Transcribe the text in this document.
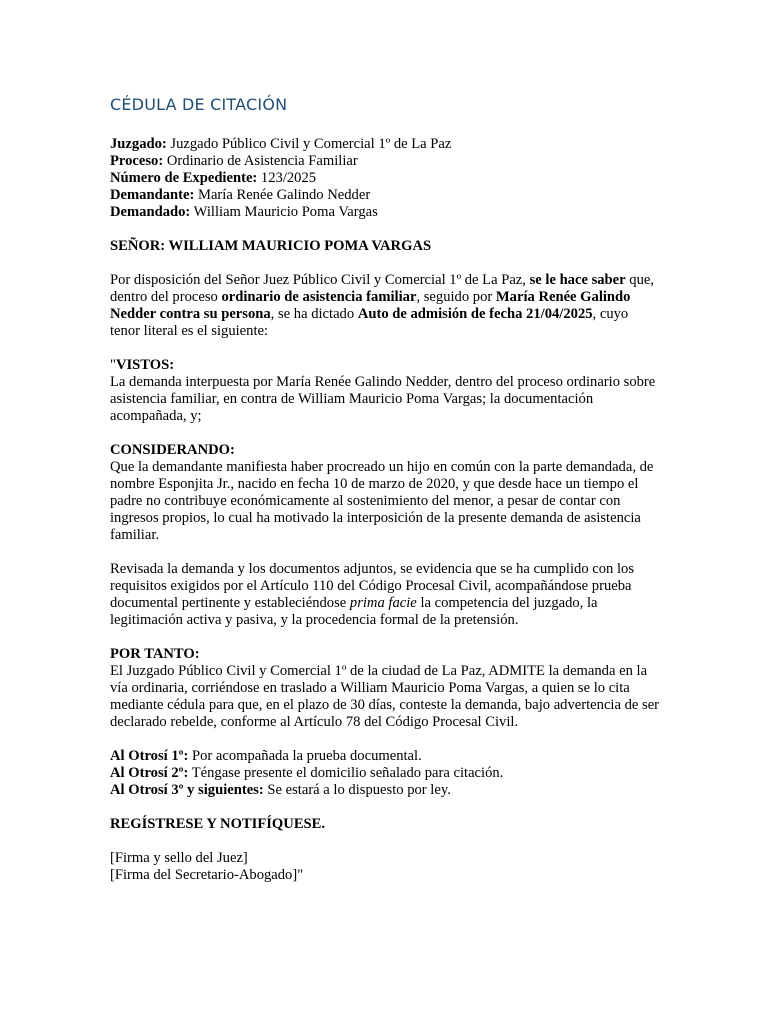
CÉDULA DE CITACIÓN

Juzgado: Juzgado Público Civil y Comercial 1º de La Paz

Proceso: Ordinario de Asistencia Familiar

Número de Expediente: 123/2025

Demandante: María Renée Galindo Nedder

Demandado: William Mauricio Poma Vargas

SEÑOR: WILLIAM MAURICIO POMA VARGAS

Por disposición del Señor Juez Público Civil y Comercial 1º de La Paz, se le hace saber que, dentro del proceso ordinario de asistencia familiar, seguido por María Renée Galindo Nedder contra su persona, se ha dictado Auto de admisión de fecha 21/04/2025, cuyo tenor literal es el siguiente:

"VISTOS:

La demanda interpuesta por María Renée Galindo Nedder, dentro del proceso ordinario sobre asistencia familiar, en contra de William Mauricio Poma Vargas; la documentación acompañada, y;

CONSIDERANDO:

Que la demandante manifiesta haber procreado un hijo en común con la parte demandada, de nombre Esponjita Jr., nacido en fecha 10 de marzo de 2020, y que desde hace un tiempo el padre no contribuye económicamente al sostenimiento del menor, a pesar de contar con ingresos propios, lo cual ha motivado la interposición de la presente demanda de asistencia familiar.

Revisada la demanda y los documentos adjuntos, se evidencia que se ha cumplido con los requisitos exigidos por el Artículo 110 del Código Procesal Civil, acompañándose prueba documental pertinente y estableciéndose prima facie la competencia del juzgado, la legitimación activa y pasiva, y la procedencia formal de la pretensión.

POR TANTO:

El Juzgado Público Civil y Comercial 1º de la ciudad de La Paz, ADMITE la demanda en la vía ordinaria, corriéndose en traslado a William Mauricio Poma Vargas, a quien se lo cita mediante cédula para que, en el plazo de 30 días, conteste la demanda, bajo advertencia de ser declarado rebelde, conforme al Artículo 78 del Código Procesal Civil.

Al Otrosí 1º: Por acompañada la prueba documental.

Al Otrosí 2º: Téngase presente el domicilio señalado para citación.

Al Otrosí 3º y siguientes: Se estará a lo dispuesto por ley.

REGÍSTRESE Y NOTIFÍQUESE.

[Firma y sello del Juez]

[Firma del Secretario-Abogado]"
